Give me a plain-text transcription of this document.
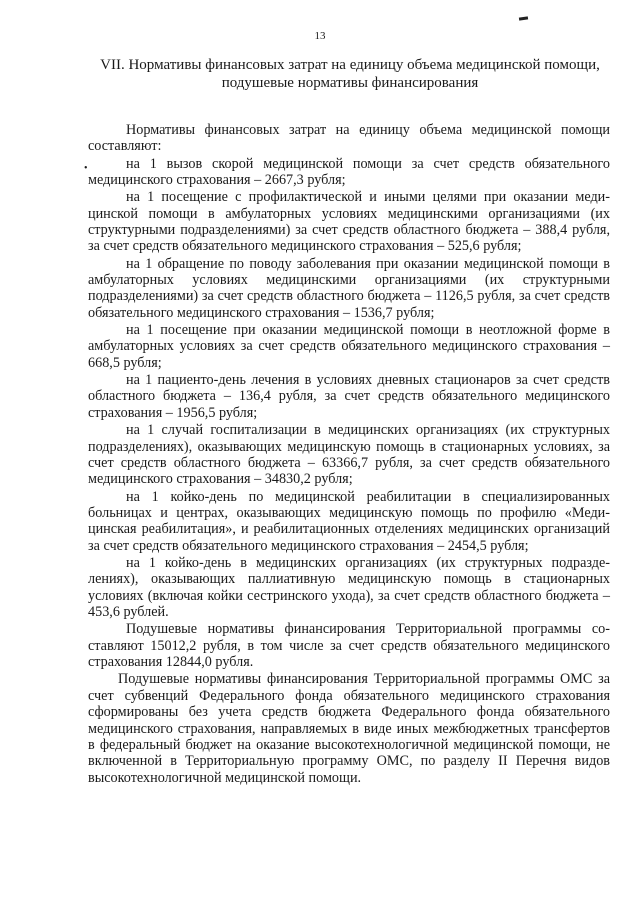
13
VII. Нормативы финансовых затрат на единицу объема медицинской помощи,
подушевые нормативы финансирования
•

Нормативы финансовых затрат на единицу объема медицинской помощи составляют:

на 1 вызов скорой медицинской помощи за счет средств обязательного медицинского страхования – 2667,3 рубля;

на 1 посещение с профилактической и иными целями при оказании медицинской помощи в амбулаторных условиях медицинскими организациями (их структурными подразделениями) за счет средств областного бюджета – 388,4 рубля, за счет средств обязательного медицинского страхования – 525,6 рубля;

на 1 обращение по поводу заболевания при оказании медицинской помощи в амбулаторных условиях медицинскими организациями (их структурными подразделениями) за счет средств областного бюджета – 1126,5 рубля, за счет средств обязательного медицинского страхования – 1536,7 рубля;

на 1 посещение при оказании медицинской помощи в неотложной форме в амбулаторных условиях за счет средств обязательного медицинского страхования – 668,5 рубля;

на 1 пациенто-день лечения в условиях дневных стационаров за счет средств областного бюджета – 136,4 рубля, за счет средств обязательного медицинского страхования – 1956,5 рубля;

на 1 случай госпитализации в медицинских организациях (их структурных подразделениях), оказывающих медицинскую помощь в стационарных условиях, за счет средств областного бюджета – 63366,7 рубля, за счет средств обязательного медицинского страхования – 34830,2 рубля;

на 1 койко-день по медицинской реабилитации в специализированных больницах и центрах, оказывающих медицинскую помощь по профилю «Медицинская реабилитация», и реабилитационных отделениях медицинских организаций за счет средств обязательного медицинского страхования – 2454,5 рубля;

на 1 койко-день в медицинских организациях (их структурных подразделениях), оказывающих паллиативную медицинскую помощь в стационарных условиях (включая койки сестринского ухода), за счет средств областного бюджета – 453,6 рублей.

Подушевые нормативы финансирования Территориальной программы составляют 15012,2 рубля, в том числе за счет средств обязательного медицинского страхования 12844,0 рубля.

Подушевые нормативы финансирования Территориальной программы ОМС за счет субвенций Федерального фонда обязательного медицинского страхования сформированы без учета средств бюджета Федерального фонда обязательного медицинского страхования, направляемых в виде иных межбюджетных трансфертов в федеральный бюджет на оказание высокотехнологичной медицинской помощи, не включенной в Территориальную программу ОМС, по разделу II Перечня видов высокотехнологичной медицинской помощи.
